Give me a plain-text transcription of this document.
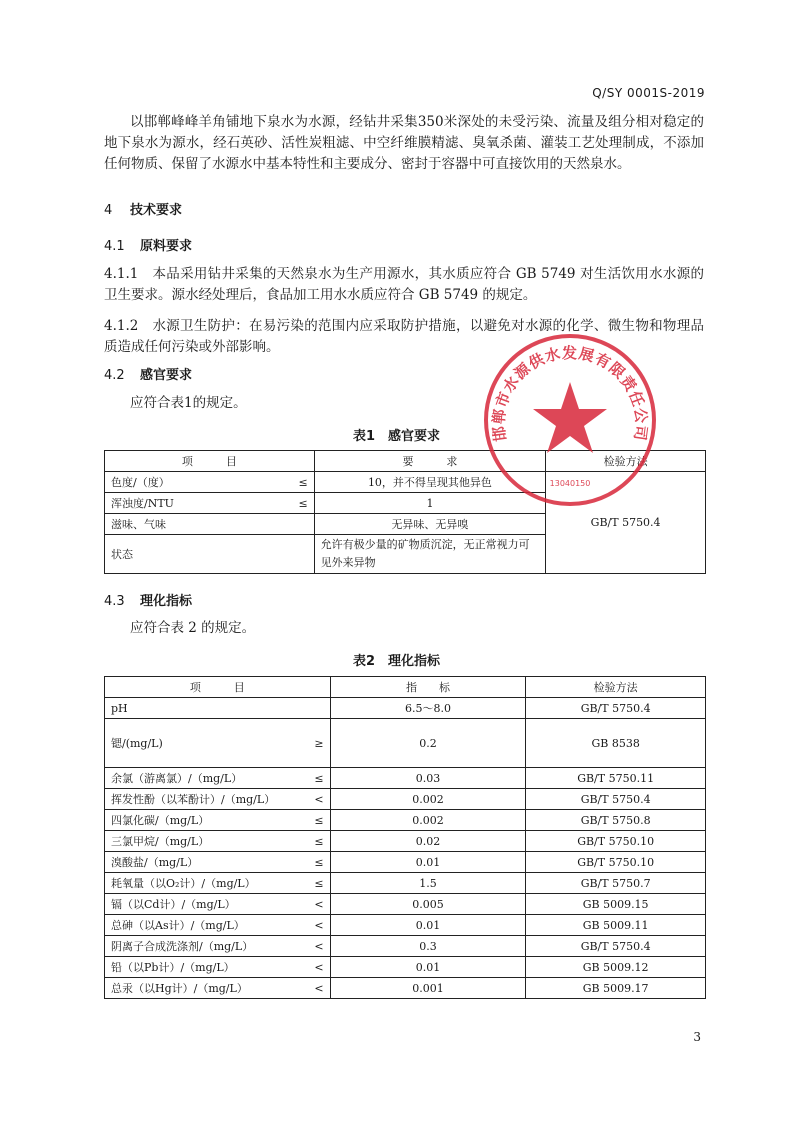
Q/SY 0001S-2019
以邯郸峰峰羊角铺地下泉水为水源，经钻井采集350米深处的未受污染、流量及组分相对稳定的地下泉水为源水，经石英砂、活性炭粗滤、中空纤维膜精滤、臭氧杀菌、灌装工艺处理制成，不添加任何物质、保留了水源水中基本特性和主要成分、密封于容器中可直接饮用的天然泉水。
4 技术要求
4.1 原料要求
4.1.1　 本品采用钻井采集的天然泉水为生产用源水，其水质应符合 GB 5749 对生活饮用水水源的卫生要求。源水经处理后，食品加工用水水质应符合 GB 5749 的规定。
4.1.2　 水源卫生防护：在易污染的范围内应采取防护措施，以避免对水源的化学、微生物和物理品质造成任何污染或外部影响。
4.2 感官要求
应符合表1的规定。
表1　感官要求
项　　　目	要　　　求	检验方法

色度/（度） ≤	10，并不得呈现其他异色	GB/T 5750.4

浑浊度/NTU ≤	1	
滋味、气味	无异味、无异嗅	
状态	允许有极少量的矿物质沉淀，无正常视力可见外来异物	
4.3 理化指标
应符合表 2 的规定。
表2　理化指标
项　　　目	指　　标	检验方法

pH	6.5～8.0	GB/T 5750.4

锶/(mg/L) ≥	0.2	GB 8538

余氯（游离氯）/（mg/L） ≤	0.03	GB/T 5750.11

挥发性酚（以苯酚计）/（mg/L） <	0.002	GB/T 5750.4

四氯化碳/（mg/L） ≤	0.002	GB/T 5750.8

三氯甲烷/（mg/L） ≤	0.02	GB/T 5750.10

溴酸盐/（mg/L） ≤	0.01	GB/T 5750.10

耗氧量（以O₂计）/（mg/L） ≤	1.5	GB/T 5750.7

镉（以Cd计）/（mg/L） <	0.005	GB 5009.15

总砷（以As计）/（mg/L） <	0.01	GB 5009.11

阴离子合成洗涤剂/（mg/L） <	0.3	GB/T 5750.4

铅（以Pb计）/（mg/L） <	0.01	GB 5009.12

总汞（以Hg计）/（mg/L） <	0.001	GB 5009.17
邯郸市水源供水发展有限责任公司
13040150
3
